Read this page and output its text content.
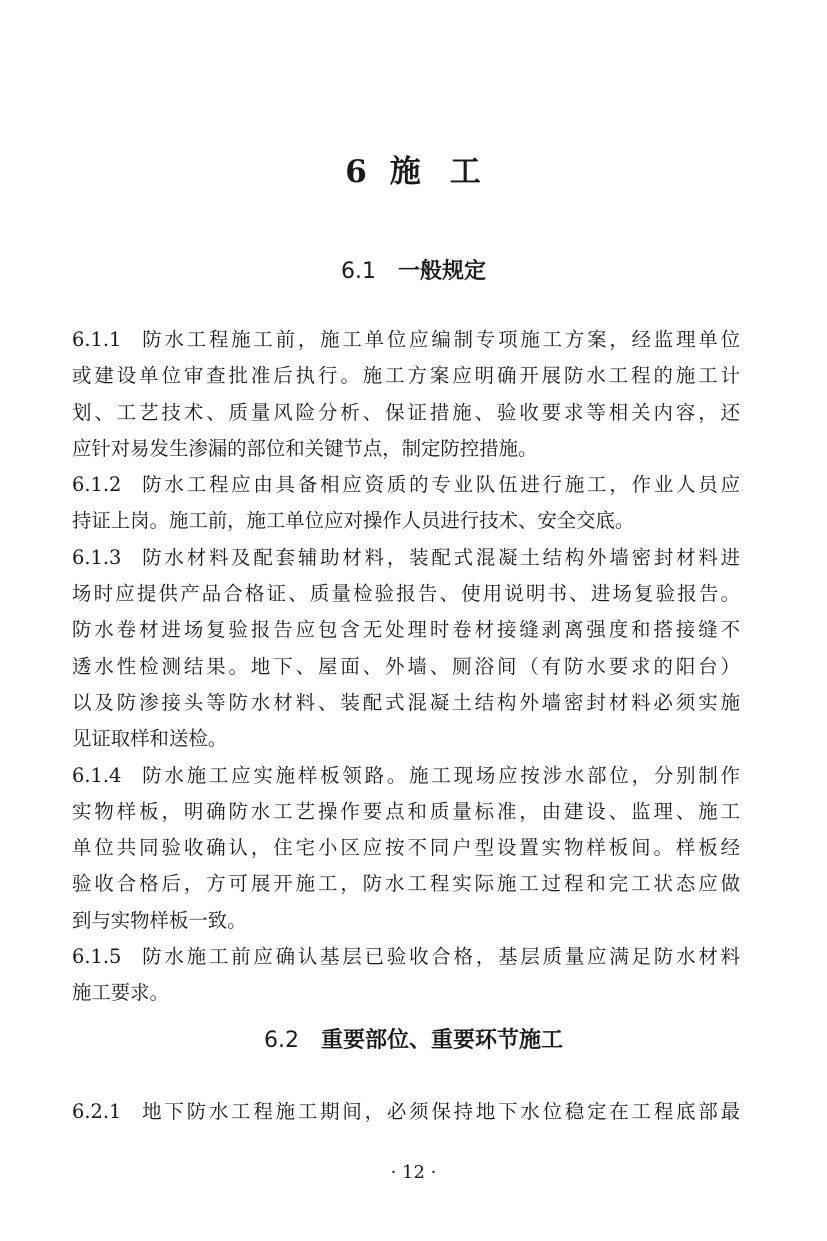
6 施 工
6.1 一般规定
6.1.1 防水工程施工前，施工单位应编制专项施工方案，经监理单位
或建设单位审查批准后执行。施工方案应明确开展防水工程的施工计
划、工艺技术、质量风险分析、保证措施、验收要求等相关内容，还
应针对易发生渗漏的部位和关键节点，制定防控措施。
6.1.2 防水工程应由具备相应资质的专业队伍进行施工，作业人员应
持证上岗。施工前，施工单位应对操作人员进行技术、安全交底。
6.1.3 防水材料及配套辅助材料，装配式混凝土结构外墙密封材料进
场时应提供产品合格证、质量检验报告、使用说明书、进场复验报告。
防水卷材进场复验报告应包含无处理时卷材接缝剥离强度和搭接缝不
透水性检测结果。地下、屋面、外墙、厕浴间（有防水要求的阳台）
以及防渗接头等防水材料、装配式混凝土结构外墙密封材料必须实施
见证取样和送检。
6.1.4 防水施工应实施样板领路。施工现场应按涉水部位，分别制作
实物样板，明确防水工艺操作要点和质量标准，由建设、监理、施工
单位共同验收确认，住宅小区应按不同户型设置实物样板间。样板经
验收合格后，方可展开施工，防水工程实际施工过程和完工状态应做
到与实物样板一致。
6.1.5 防水施工前应确认基层已验收合格，基层质量应满足防水材料
施工要求。
6.2 重要部位、重要环节施工
6.2.1 地下防水工程施工期间，必须保持地下水位稳定在工程底部最
· 12 ·
